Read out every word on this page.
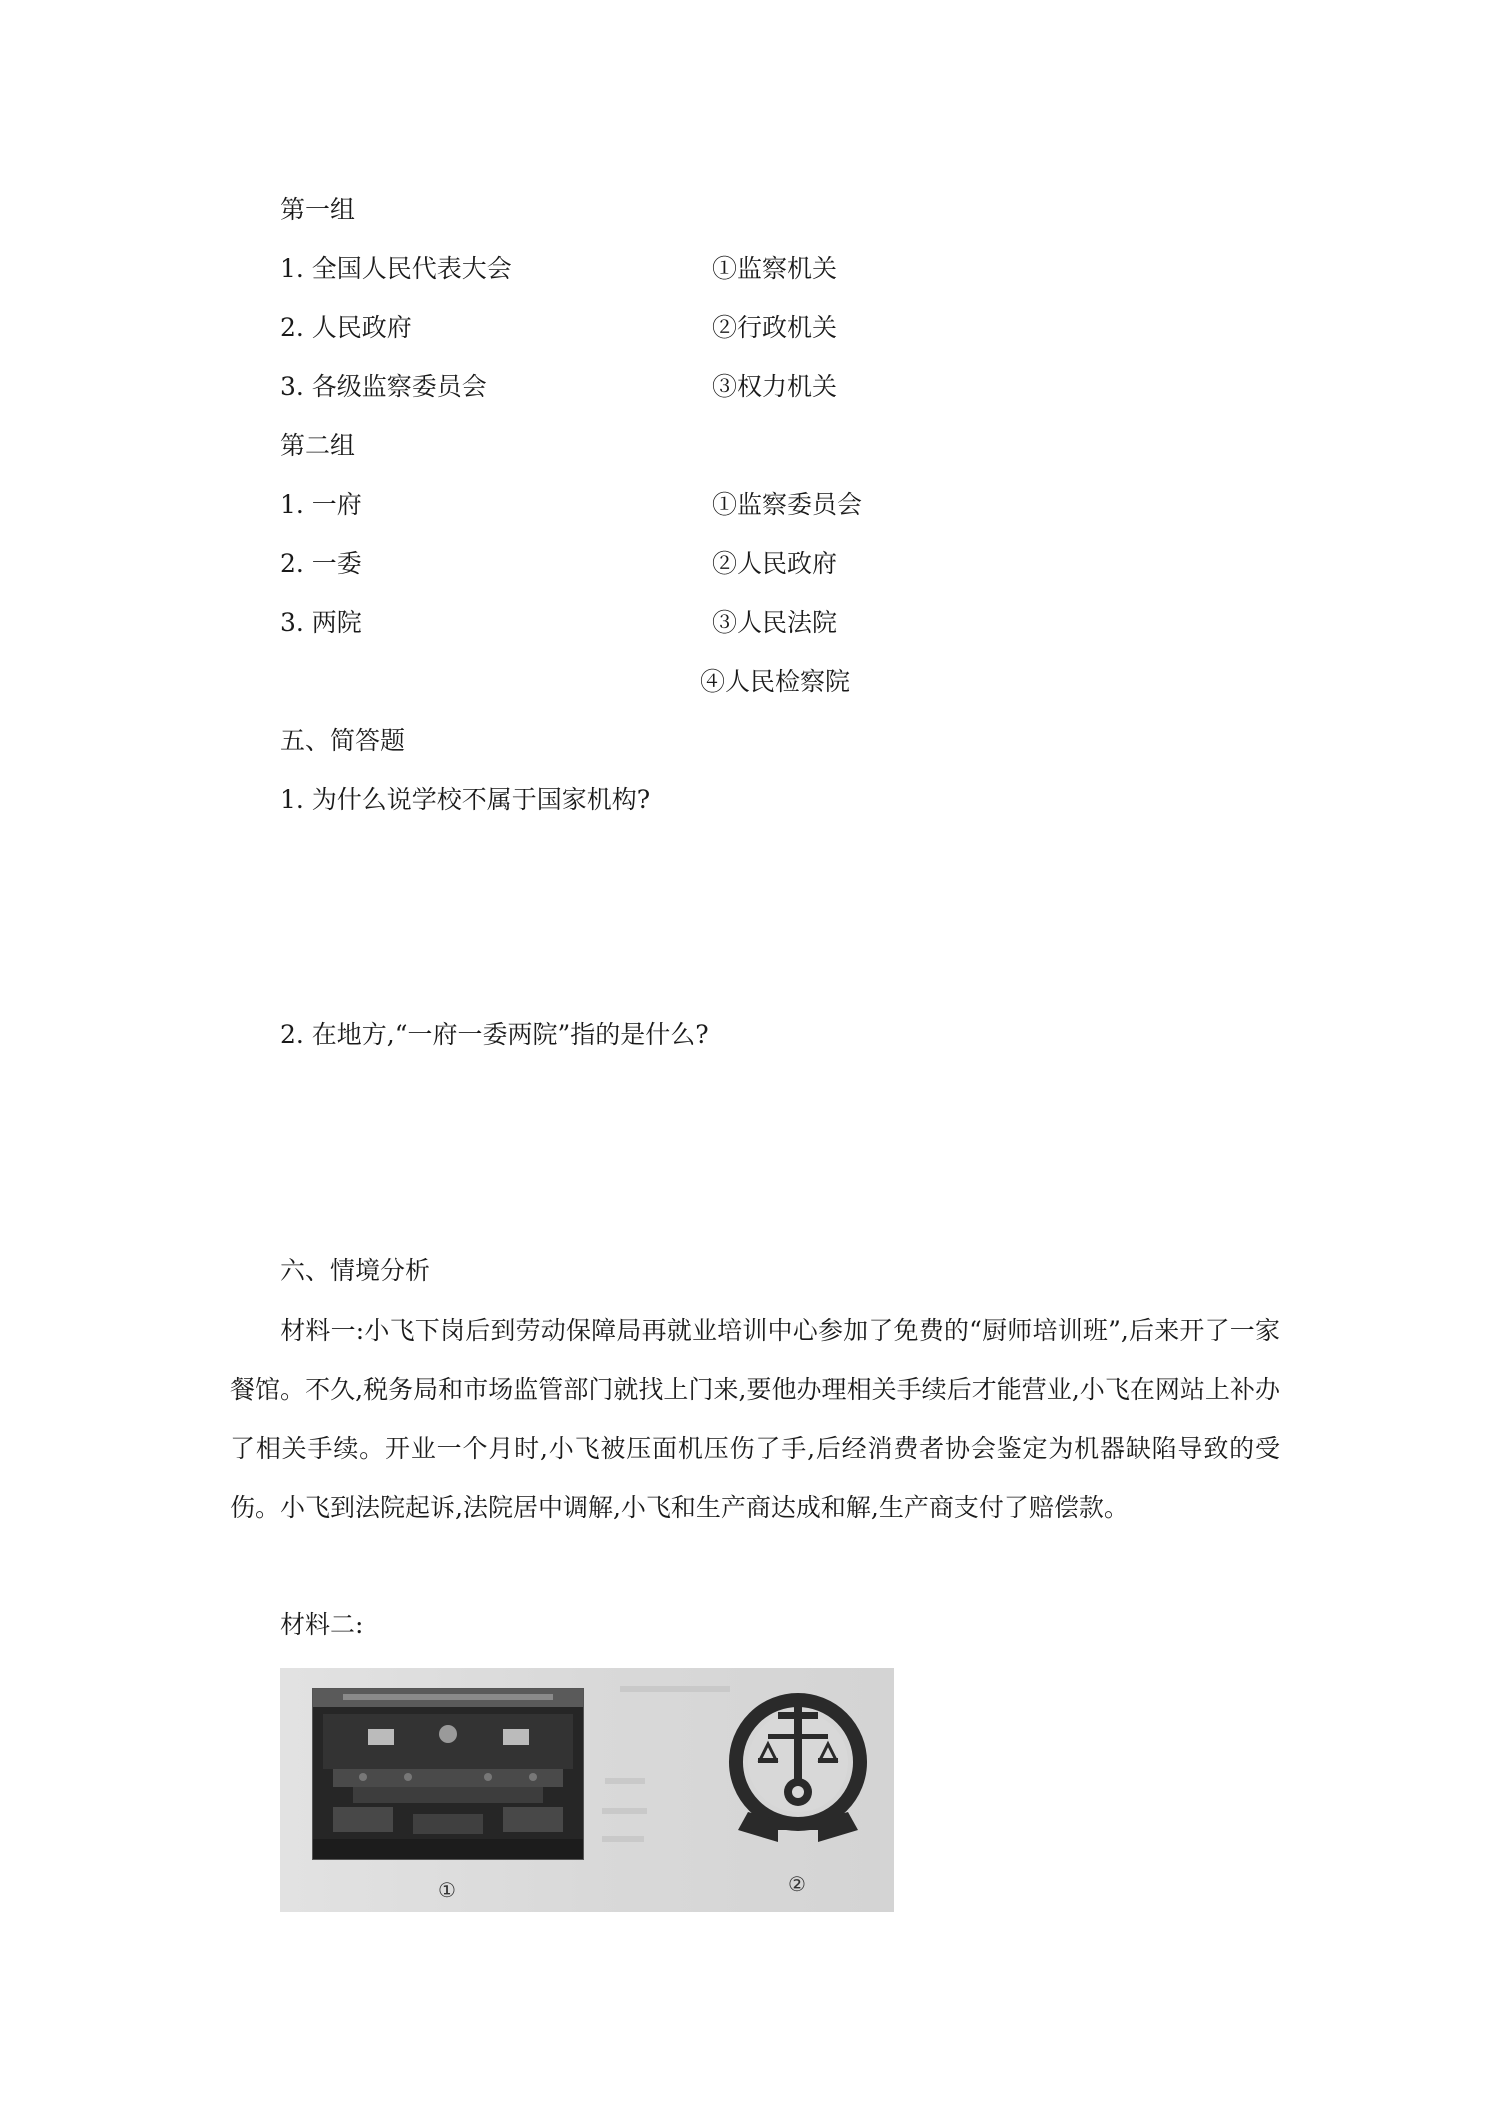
第一组
1. 全国人民代表大会	①监察机关
2. 人民政府	②行政机关
3. 各级监察委员会	③权力机关
第二组
1. 一府	①监察委员会
2. 一委	②人民政府
3. 两院	③人民法院
④人民检察院
五、简答题
1. 为什么说学校不属于国家机构?
2. 在地方,“一府一委两院”指的是什么?
六、情境分析
材料一:小飞下岗后到劳动保障局再就业培训中心参加了免费的“厨师培训班”,后来开了一家餐馆。不久,税务局和市场监管部门就找上门来,要他办理相关手续后才能营业,小飞在网站上补办了相关手续。开业一个月时,小飞被压面机压伤了手,后经消费者协会鉴定为机器缺陷导致的受伤。小飞到法院起诉,法院居中调解,小飞和生产商达成和解,生产商支付了赔偿款。
材料二:
①	②
